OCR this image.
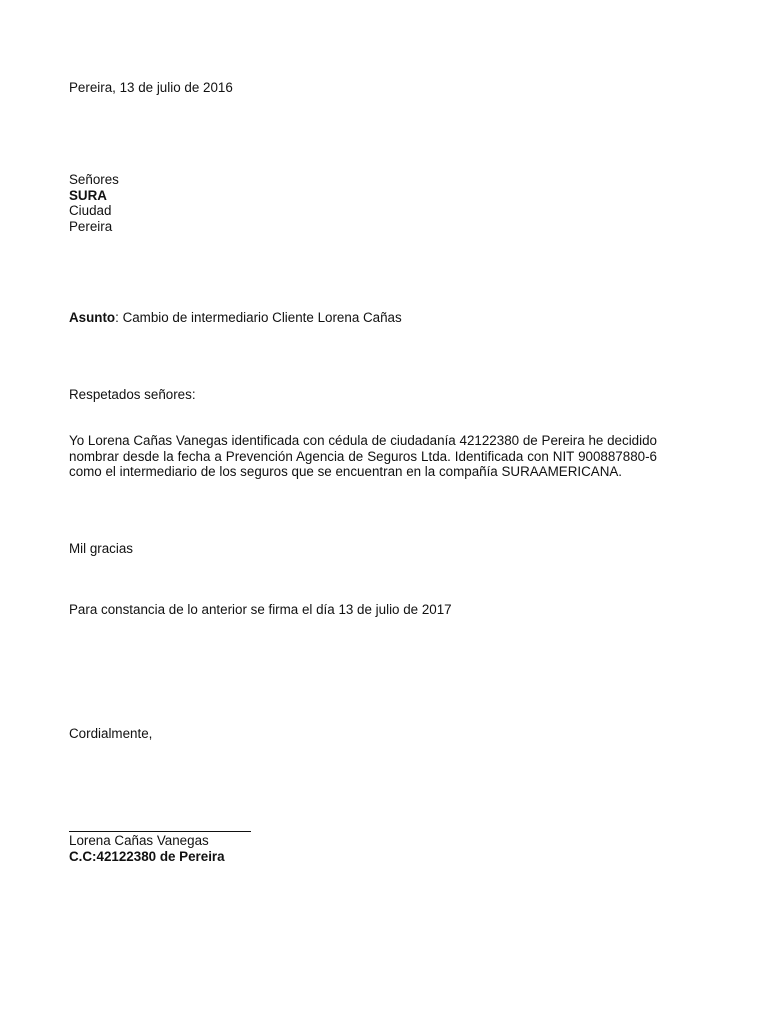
Pereira, 13 de julio de 2016

Señores
SURA
Ciudad
Pereira

Asunto: Cambio de intermediario Cliente Lorena Cañas

Respetados señores:

Yo Lorena Cañas Vanegas identificada con cédula de ciudadanía 42122380 de Pereira he decidido nombrar desde la fecha a Prevención Agencia de Seguros Ltda. Identificada con NIT 900887880-6 como el intermediario de los seguros que se encuentran en la compañía SURAAMERICANA.

Mil gracias

Para constancia de lo anterior se firma el día 13 de julio de 2017

Cordialmente,

Lorena Cañas Vanegas
C.C:42122380 de Pereira
